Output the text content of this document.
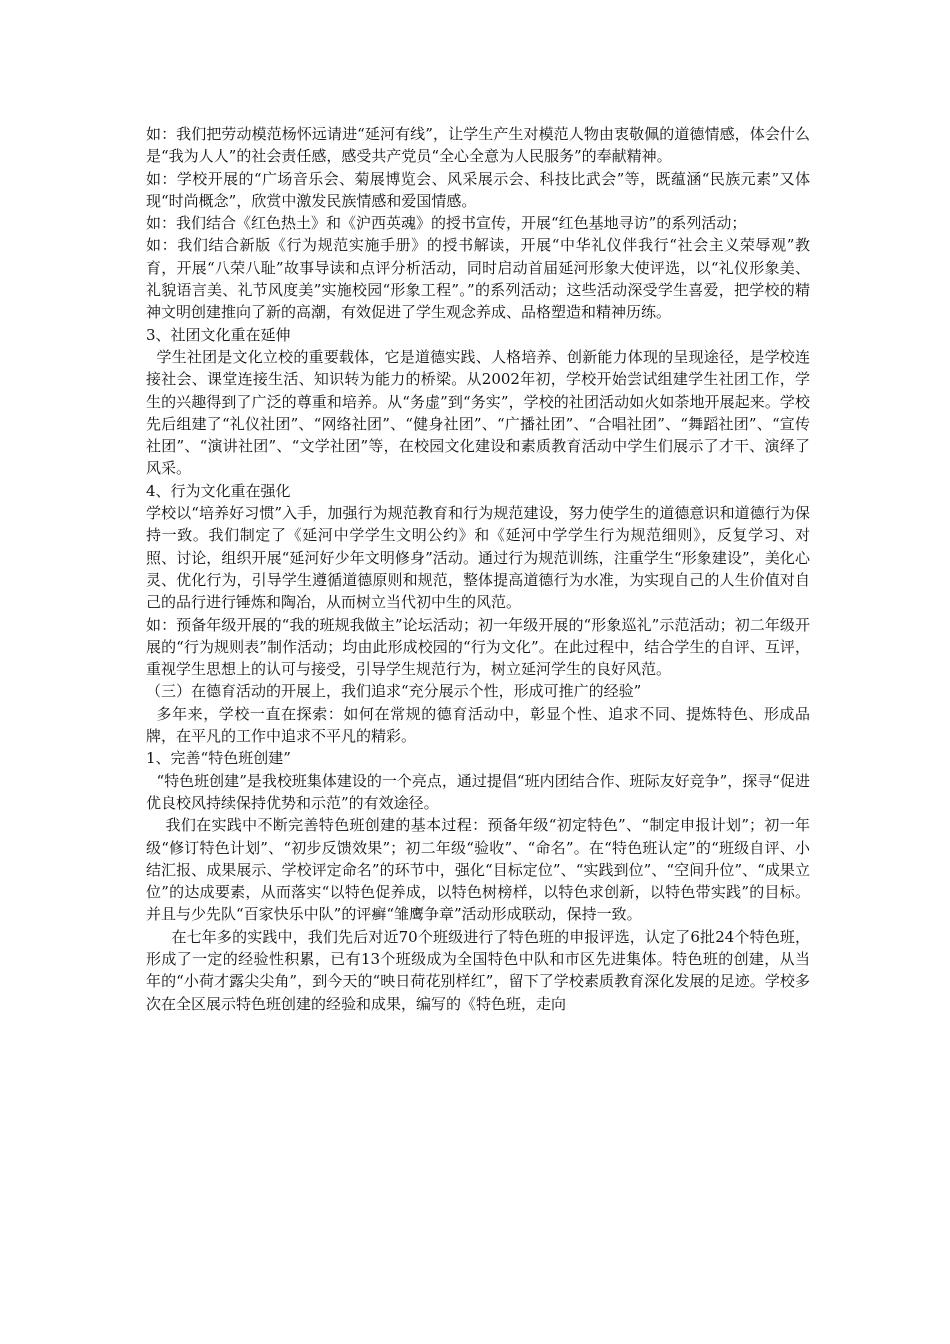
如：我们把劳动模范杨怀远请进“延河有线”，让学生产生对模范人物由衷敬佩的道德情感，体会什么是“我为人人”的社会责任感，感受共产党员“全心全意为人民服务”的奉献精神。

如：学校开展的“广场音乐会、菊展博览会、风采展示会、科技比武会”等，既蕴涵“民族元素”又体现“时尚概念”，欣赏中激发民族情感和爱国情感。

如：我们结合《红色热土》和《沪西英魂》的授书宣传，开展“红色基地寻访”的系列活动；

如：我们结合新版《行为规范实施手册》的授书解读，开展“中华礼仪伴我行“社会主义荣辱观”教育，开展“八荣八耻”故事导读和点评分析活动，同时启动首届延河形象大使评选，以“礼仪形象美、礼貌语言美、礼节风度美”实施校园“形象工程”。”的系列活动；这些活动深受学生喜爱，把学校的精神文明创建推向了新的高潮，有效促进了学生观念养成、品格塑造和精神历练。

3、社团文化重在延伸

学生社团是文化立校的重要载体，它是道德实践、人格培养、创新能力体现的呈现途径，是学校连接社会、课堂连接生活、知识转为能力的桥梁。从2002年初，学校开始尝试组建学生社团工作，学生的兴趣得到了广泛的尊重和培养。从“务虚”到“务实”，学校的社团活动如火如荼地开展起来。学校先后组建了“礼仪社团”、“网络社团”、“健身社团”、“广播社团”、“合唱社团”、“舞蹈社团”、“宣传社团”、“演讲社团”、“文学社团”等，在校园文化建设和素质教育活动中学生们展示了才干、演绎了风采。

4、行为文化重在强化

学校以“培养好习惯”入手，加强行为规范教育和行为规范建设，努力使学生的道德意识和道德行为保持一致。我们制定了《延河中学学生文明公约》和《延河中学学生行为规范细则》，反复学习、对照、讨论，组织开展“延河好少年文明修身”活动。通过行为规范训练，注重学生“形象建设”，美化心灵、优化行为，引导学生遵循道德原则和规范，整体提高道德行为水准，为实现自己的人生价值对自己的品行进行锤炼和陶冶，从而树立当代初中生的风范。

如：预备年级开展的“我的班规我做主”论坛活动；初一年级开展的“形象巡礼”示范活动；初二年级开展的“行为规则表”制作活动；均由此形成校园的“行为文化”。在此过程中，结合学生的自评、互评，重视学生思想上的认可与接受，引导学生规范行为，树立延河学生的良好风范。

（三）在德育活动的开展上，我们追求“充分展示个性，形成可推广的经验”

多年来，学校一直在探索：如何在常规的德育活动中，彰显个性、追求不同、提炼特色、形成品牌，在平凡的工作中追求不平凡的精彩。

1、完善“特色班创建”

“特色班创建”是我校班集体建设的一个亮点，通过提倡“班内团结合作、班际友好竞争”，探寻“促进优良校风持续保持优势和示范”的有效途径。

我们在实践中不断完善特色班创建的基本过程：预备年级“初定特色”、“制定申报计划”；初一年级“修订特色计划”、“初步反馈效果”；初二年级“验收”、“命名”。在“特色班认定”的“班级自评、小结汇报、成果展示、学校评定命名”的环节中，强化“目标定位”、“实践到位”、“空间升位”、“成果立位”的达成要素，从而落实“以特色促养成，以特色树榜样，以特色求创新，以特色带实践”的目标。并且与少先队“百家快乐中队”的评癣“雏鹰争章”活动形成联动，保持一致。

在七年多的实践中，我们先后对近70个班级进行了特色班的申报评选，认定了6批24个特色班，形成了一定的经验性积累，已有13个班级成为全国特色中队和市区先进集体。特色班的创建，从当年的“小荷才露尖尖角”，到今天的“映日荷花别样红”，留下了学校素质教育深化发展的足迹。学校多次在全区展示特色班创建的经验和成果，编写的《特色班，走向
